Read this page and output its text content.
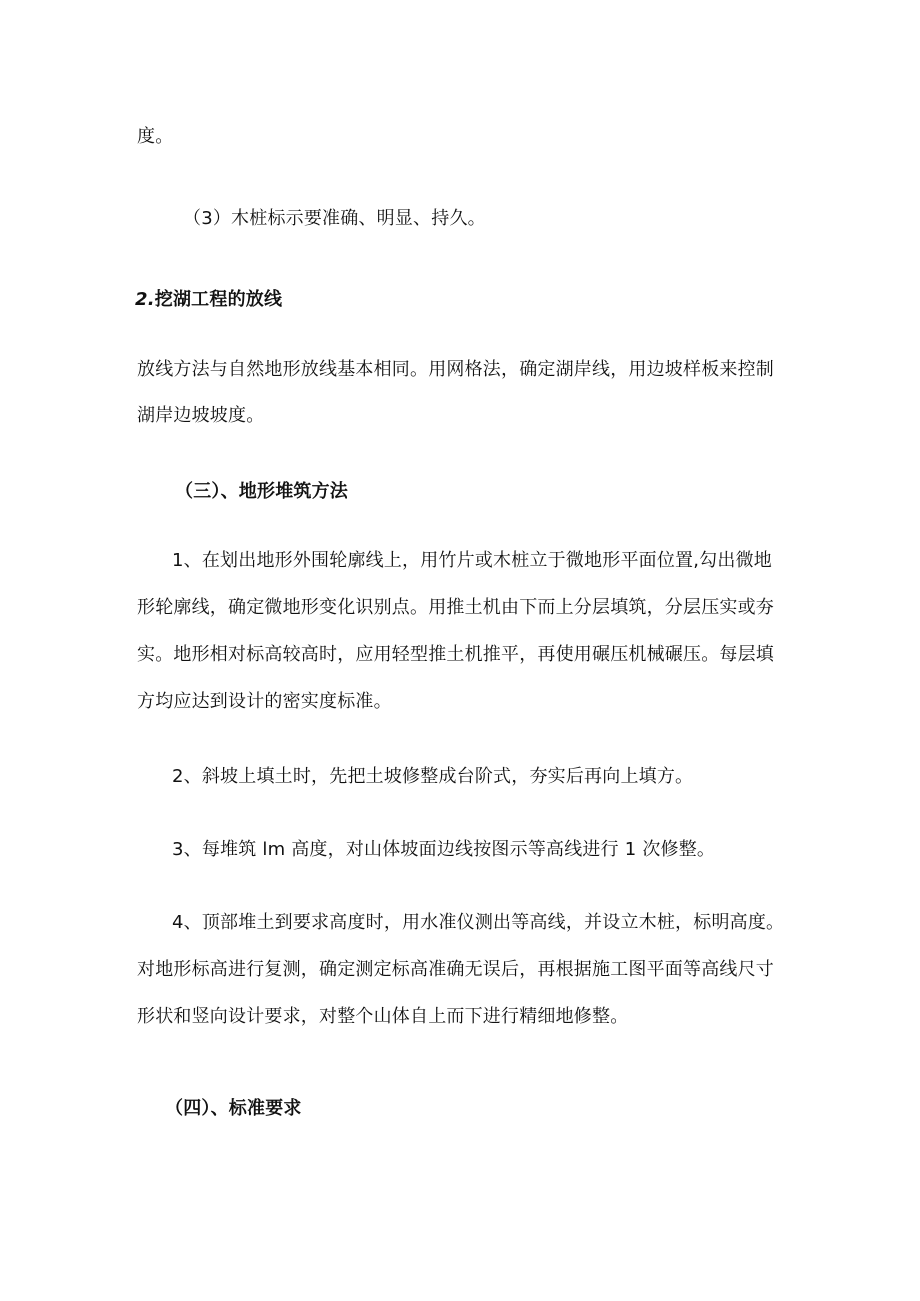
度。
（3）木桩标示要准确、明显、持久。
2.挖湖工程的放线
放线方法与自然地形放线基本相同。用网格法，确定湖岸线，用边坡样板来控制
湖岸边坡坡度。
（三）、地形堆筑方法
1、在划出地形外围轮廓线上，用竹片或木桩立于微地形平面位置,勾出微地
形轮廓线，确定微地形变化识别点。用推土机由下而上分层填筑，分层压实或夯
实。地形相对标高较高时，应用轻型推土机推平，再使用碾压机械碾压。每层填
方均应达到设计的密实度标准。
2、斜坡上填土时，先把土坡修整成台阶式，夯实后再向上填方。
3、每堆筑 lm 高度，对山体坡面边线按图示等高线进行 1 次修整。
4、顶部堆土到要求高度时，用水准仪测出等高线，并设立木桩，标明高度。
对地形标高进行复测，确定测定标高准确无误后，再根据施工图平面等高线尺寸
形状和竖向设计要求，对整个山体自上而下进行精细地修整。
（四）、标准要求
